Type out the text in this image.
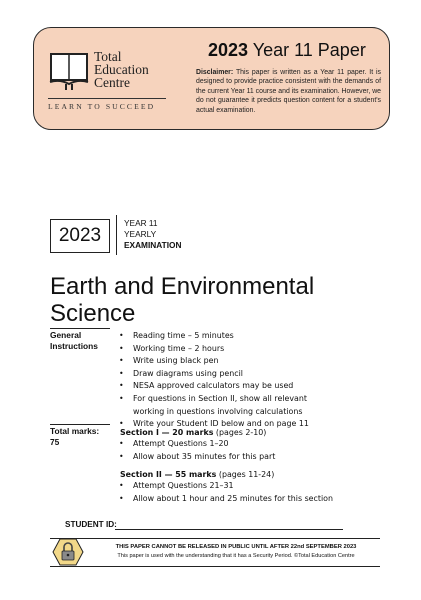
Total
Education
Centre
LEARN TO SUCCEED
2023 Year 11 Paper
Disclaimer: This paper is written as a Year 11 paper. It is designed to provide practice consistent with the demands of the current Year 11 course and its examination. However, we do not guarantee it predicts question content for a student's actual examination.
2023
YEAR 11
YEARLY
EXAMINATION
Earth and Environmental Science
General
Instructions
• Reading time – 5 minutes
• Working time – 2 hours
• Write using black pen
• Draw diagrams using pencil
• NESA approved calculators may be used
• For questions in Section II, show all relevant working in questions involving calculations
• Write your Student ID below and on page 11
Total marks:
75
Section I — 20 marks (pages 2-10)
• Attempt Questions 1–20
• Allow about 35 minutes for this part
Section II — 55 marks (pages 11-24)
• Attempt Questions 21–31
• Allow about 1 hour and 25 minutes for this section
STUDENT ID:
THIS PAPER CANNOT BE RELEASED IN PUBLIC UNTIL AFTER 22nd SEPTEMBER 2023
This paper is used with the understanding that it has a Security Period. ©Total Education Centre
